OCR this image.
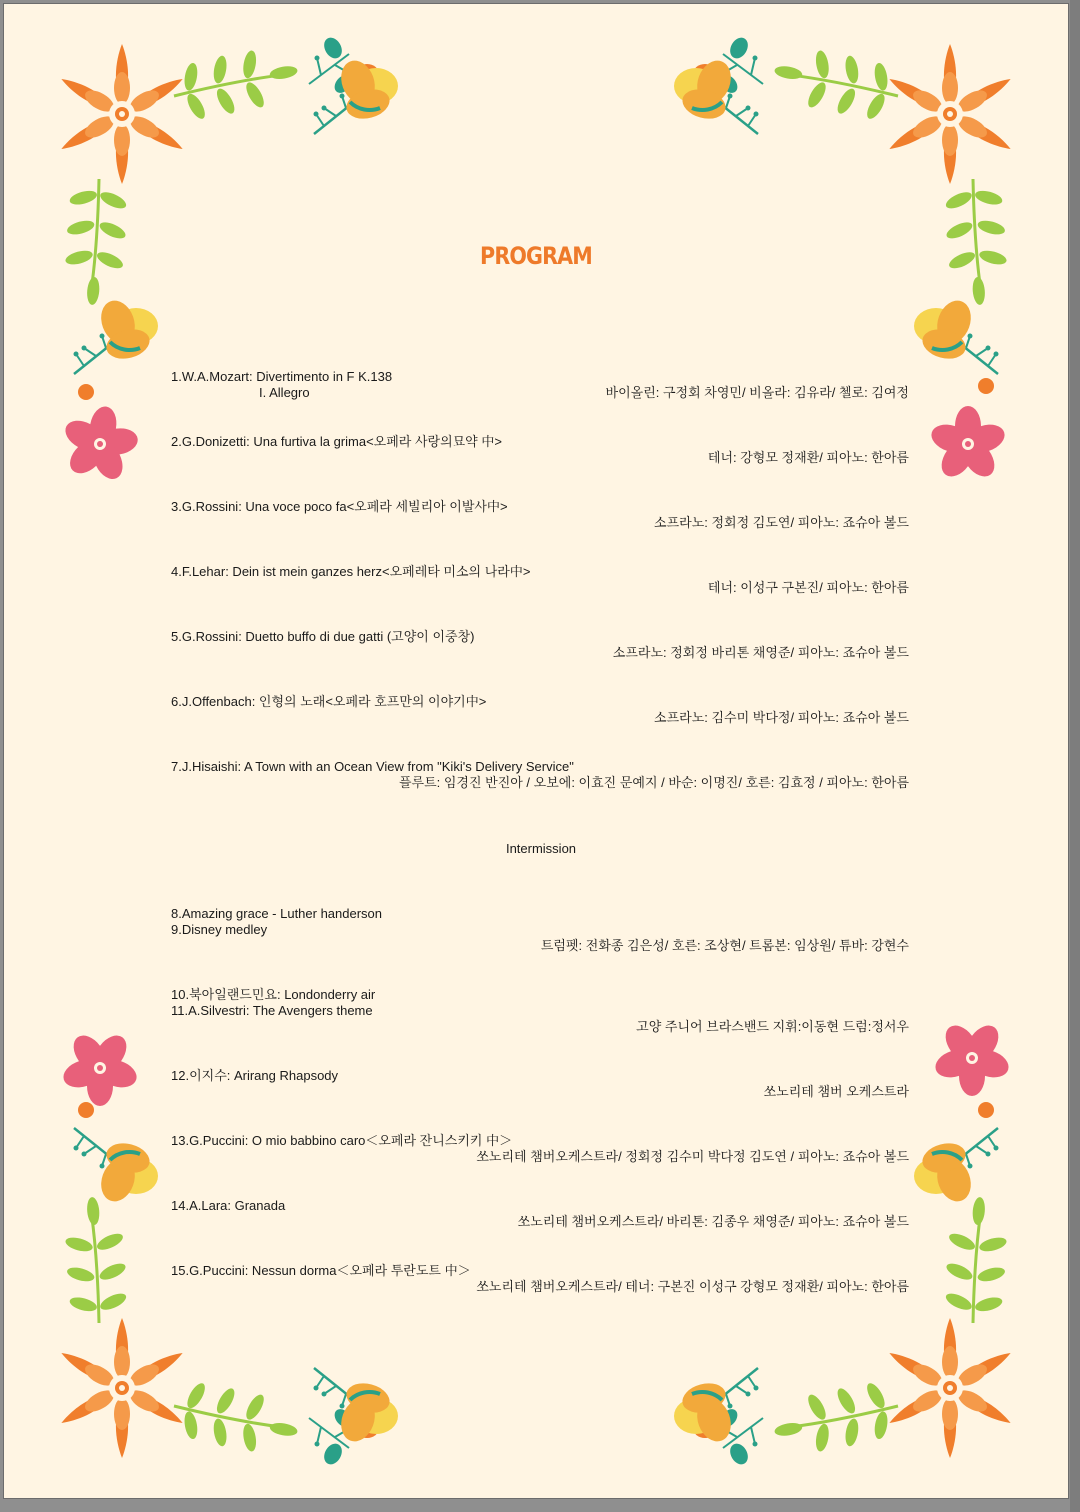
PROGRAM
1.W.A.Mozart: Divertimento in F K.138
I. Allegro	바이올린: 구정회 차영민/ 비올라: 김유라/ 첼로: 김여정
2.G.Donizetti: Una furtiva la grima<오페라 사랑의묘약 中>
테너: 강형모 정재환/ 피아노: 한아름
3.G.Rossini: Una voce poco fa<오페라 세빌리아 이발사中>
소프라노: 정회정 김도연/ 피아노: 죠슈아 볼드
4.F.Lehar: Dein ist mein ganzes herz<오페레타 미소의 나라中>
테너: 이성구 구본진/ 피아노: 한아름
5.G.Rossini: Duetto buffo di due gatti (고양이 이중창)
소프라노: 정회정 바리톤 채영준/ 피아노: 죠슈아 볼드
6.J.Offenbach: 인형의 노래<오페라 호프만의 이야기中>
소프라노: 김수미 박다정/ 피아노: 죠슈아 볼드
7.J.Hisaishi: A Town with an Ocean View from "Kiki's Delivery Service"
플루트: 임경진 반진아 / 오보에: 이효진 문예지 / 바순: 이명진/ 호른: 김효정 / 피아노: 한아름
Intermission
8.Amazing grace - Luther handerson
9.Disney medley
트럼펫: 전화종 김은성/ 호른: 조상현/ 트롬본: 임상원/ 튜바: 강현수
10.북아일랜드민요: Londonderry air
11.A.Silvestri: The Avengers theme
고양 주니어 브라스밴드 지휘:이동현 드럼:정서우
12.이지수: Arirang Rhapsody
쏘노리테 챔버 오케스트라
13.G.Puccini: O mio babbino caro＜오페라 잔니스키키 中＞
쏘노리테 챔버오케스트라/ 정회정 김수미 박다정 김도연 / 피아노: 죠슈아 볼드
14.A.Lara: Granada
쏘노리테 챔버오케스트라/ 바리톤: 김종우 채영준/ 피아노: 죠슈아 볼드
15.G.Puccini: Nessun dorma＜오페라 투란도트 中＞
쏘노리테 챔버오케스트라/ 테너: 구본진 이성구 강형모 정재환/ 피아노: 한아름
